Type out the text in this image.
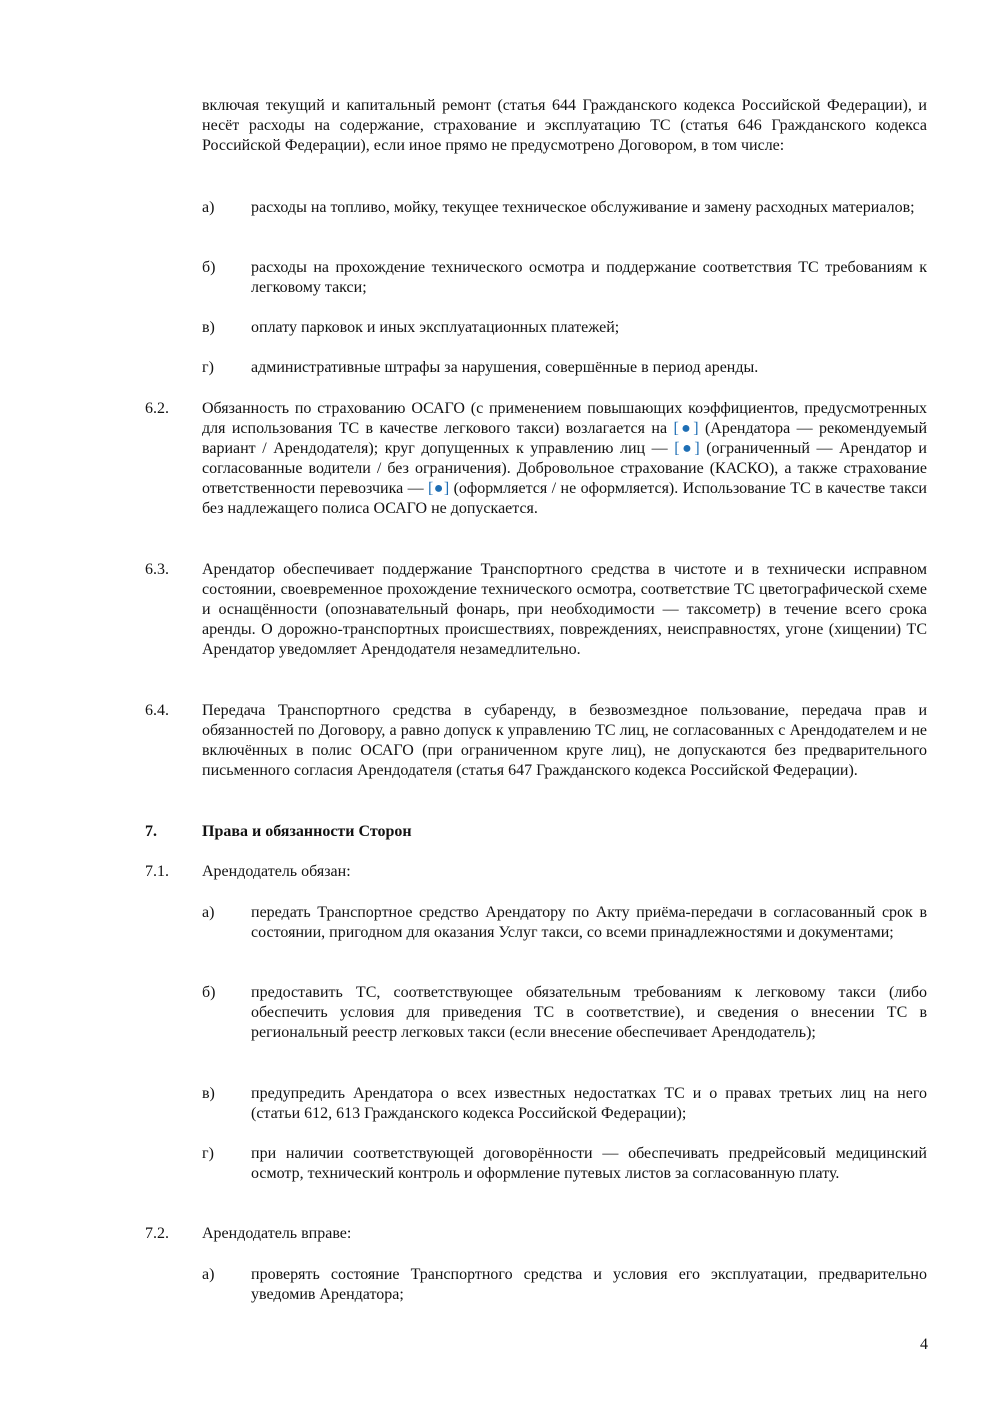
включая текущий и капитальный ремонт (статья 644 Гражданского кодекса Российской Федерации), и несёт расходы на содержание, страхование и эксплуатацию ТС (статья 646 Гражданского кодекса Российской Федерации), если иное прямо не предусмотрено Договором, в том числе:
а) расходы на топливо, мойку, текущее техническое обслуживание и замену расходных материалов;
б) расходы на прохождение технического осмотра и поддержание соответствия ТС требованиям к легковому такси;
в) оплату парковок и иных эксплуатационных платежей;
г) административные штрафы за нарушения, совершённые в период аренды.
6.2. Обязанность по страхованию ОСАГО (с применением повышающих коэффициентов, предусмотренных для использования ТС в качестве легкового такси) возлагается на [●] (Арендатора — рекомендуемый вариант / Арендодателя); круг допущенных к управлению лиц — [●] (ограниченный — Арендатор и согласованные водители / без ограничения). Добровольное страхование (КАСКО), а также страхование ответственности перевозчика — [●] (оформляется / не оформляется). Использование ТС в качестве такси без надлежащего полиса ОСАГО не допускается.
6.3. Арендатор обеспечивает поддержание Транспортного средства в чистоте и в технически исправном состоянии, своевременное прохождение технического осмотра, соответствие ТС цветографической схеме и оснащённости (опознавательный фонарь, при необходимости — таксометр) в течение всего срока аренды. О дорожно-транспортных происшествиях, повреждениях, неисправностях, угоне (хищении) ТС Арендатор уведомляет Арендодателя незамедлительно.
6.4. Передача Транспортного средства в субаренду, в безвозмездное пользование, передача прав и обязанностей по Договору, а равно допуск к управлению ТС лиц, не согласованных с Арендодателем и не включённых в полис ОСАГО (при ограниченном круге лиц), не допускаются без предварительного письменного согласия Арендодателя (статья 647 Гражданского кодекса Российской Федерации).
7.	Права и обязанности Сторон
7.1. Арендодатель обязан:
а) передать Транспортное средство Арендатору по Акту приёма-передачи в согласованный срок в состоянии, пригодном для оказания Услуг такси, со всеми принадлежностями и документами;
б) предоставить ТС, соответствующее обязательным требованиям к легковому такси (либо обеспечить условия для приведения ТС в соответствие), и сведения о внесении ТС в региональный реестр легковых такси (если внесение обеспечивает Арендодатель);
в) предупредить Арендатора о всех известных недостатках ТС и о правах третьих лиц на него (статьи 612, 613 Гражданского кодекса Российской Федерации);
г) при наличии соответствующей договорённости — обеспечивать предрейсовый медицинский осмотр, технический контроль и оформление путевых листов за согласованную плату.
7.2. Арендодатель вправе:
а) проверять состояние Транспортного средства и условия его эксплуатации, предварительно уведомив Арендатора;
4
